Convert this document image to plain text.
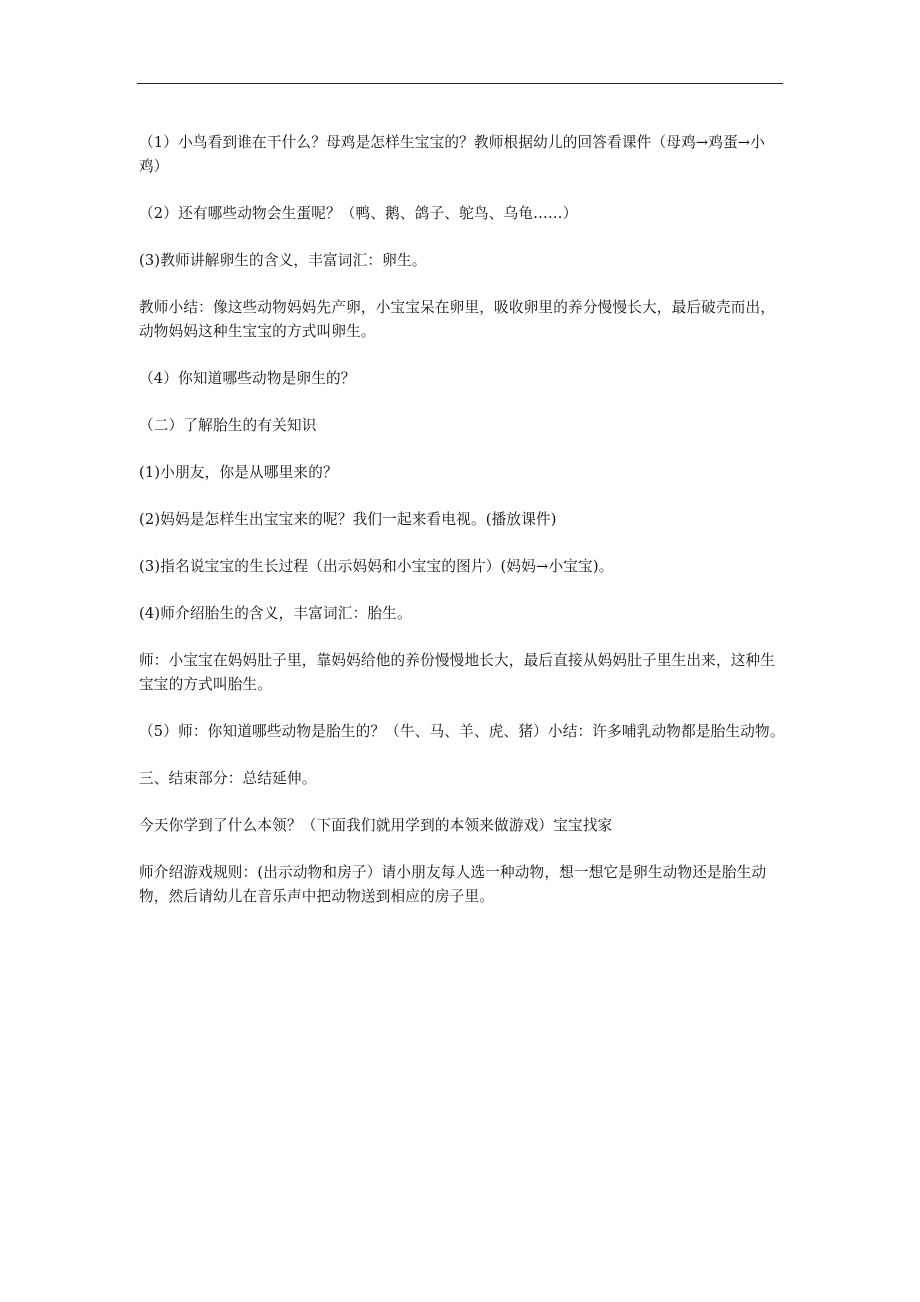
（1）小鸟看到谁在干什么？母鸡是怎样生宝宝的？教师根据幼儿的回答看课件（母鸡→鸡蛋→小鸡）

（2）还有哪些动物会生蛋呢？（鸭、鹅、鸽子、鸵鸟、乌龟……）

(3)教师讲解卵生的含义，丰富词汇：卵生。

教师小结：像这些动物妈妈先产卵，小宝宝呆在卵里，吸收卵里的养分慢慢长大，最后破壳而出，动物妈妈这种生宝宝的方式叫卵生。

（4）你知道哪些动物是卵生的？

（二）了解胎生的有关知识

(1)小朋友，你是从哪里来的？

(2)妈妈是怎样生出宝宝来的呢？我们一起来看电视。(播放课件)

(3)指名说宝宝的生长过程（出示妈妈和小宝宝的图片）(妈妈→小宝宝)。

(4)师介绍胎生的含义，丰富词汇：胎生。

师：小宝宝在妈妈肚子里，靠妈妈给他的养份慢慢地长大，最后直接从妈妈肚子里生出来，这种生宝宝的方式叫胎生。

（5）师：你知道哪些动物是胎生的？（牛、马、羊、虎、猪）小结：许多哺乳动物都是胎生动物。

三、结束部分：总结延伸。

今天你学到了什么本领？（下面我们就用学到的本领来做游戏）宝宝找家

师介绍游戏规则：(出示动物和房子）请小朋友每人选一种动物，想一想它是卵生动物还是胎生动物，然后请幼儿在音乐声中把动物送到相应的房子里。
